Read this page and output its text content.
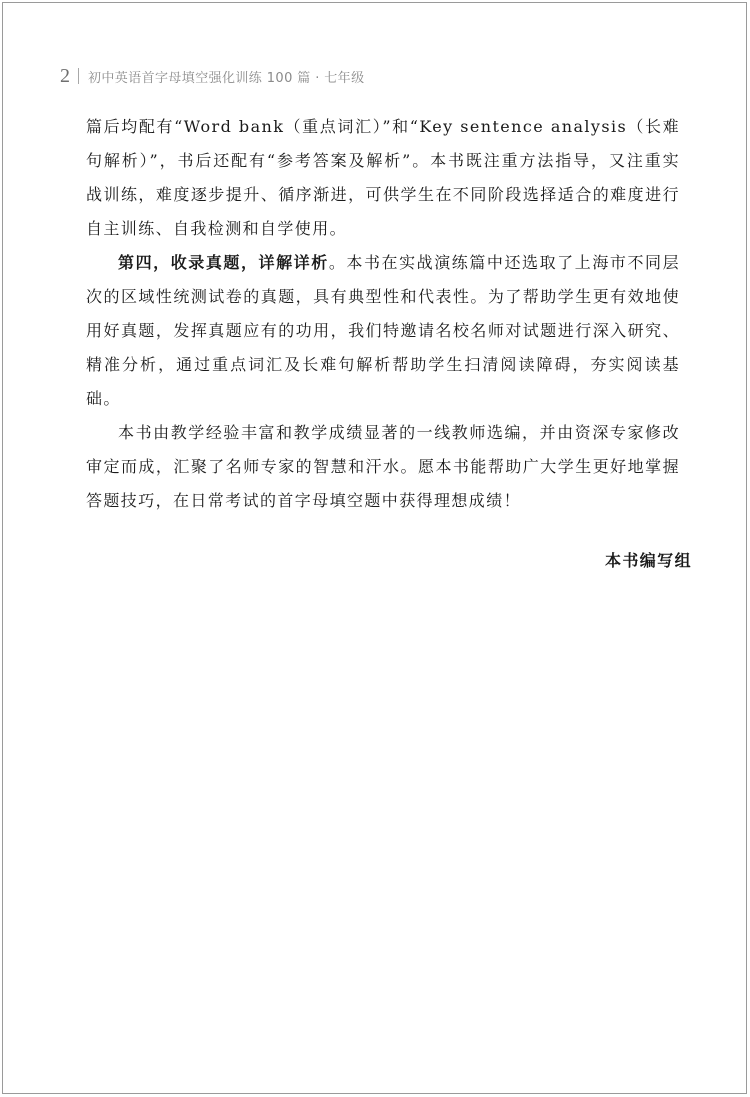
2 初中英语首字母填空强化训练 100 篇 · 七年级

篇后均配有“Word bank（重点词汇）”和“Key sentence analysis（长难句解析）”，书后还配有“参考答案及解析”。本书既注重方法指导，又注重实战训练，难度逐步提升、循序渐进，可供学生在不同阶段选择适合的难度进行自主训练、自我检测和自学使用。

第四，收录真题，详解详析。本书在实战演练篇中还选取了上海市不同层次的区域性统测试卷的真题，具有典型性和代表性。为了帮助学生更有效地使用好真题，发挥真题应有的功用，我们特邀请名校名师对试题进行深入研究、精准分析，通过重点词汇及长难句解析帮助学生扫清阅读障碍，夯实阅读基础。

本书由教学经验丰富和教学成绩显著的一线教师选编，并由资深专家修改审定而成，汇聚了名师专家的智慧和汗水。愿本书能帮助广大学生更好地掌握答题技巧，在日常考试的首字母填空题中获得理想成绩！

本书编写组
